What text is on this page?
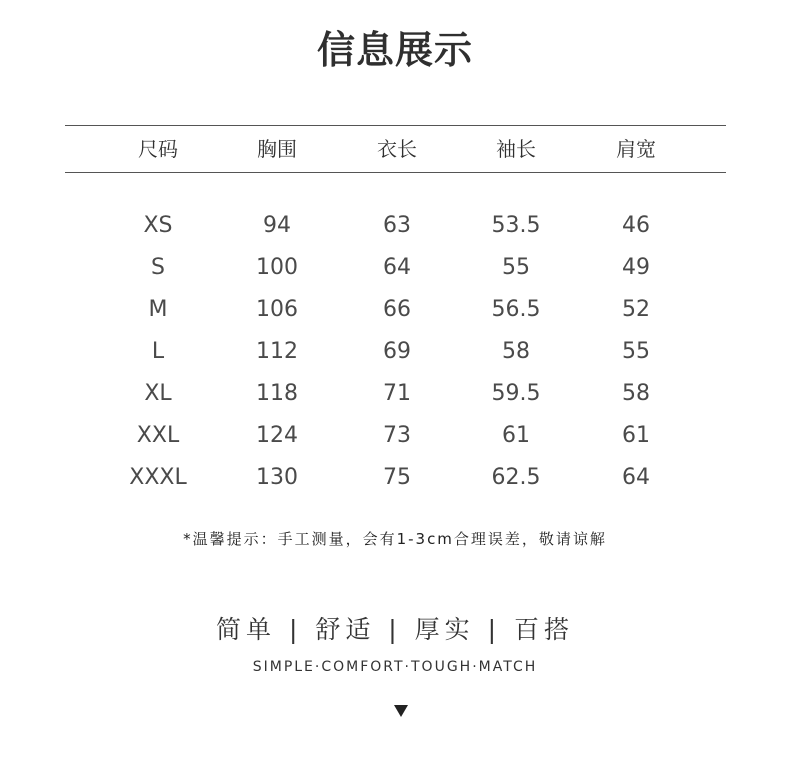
信息展示
尺码	胸围	衣长	袖长	肩宽
XS	94	63	53.5	46
S	100	64	55	49
M	106	66	56.5	52
L	112	69	58	55
XL	118	71	59.5	58
XXL	124	73	61	61
XXXL	130	75	62.5	64
*温馨提示：手工测量，会有1-3cm合理误差，敬请谅解
简单 | 舒适 | 厚实 | 百搭
SIMPLE·COMFORT·TOUGH·MATCH
